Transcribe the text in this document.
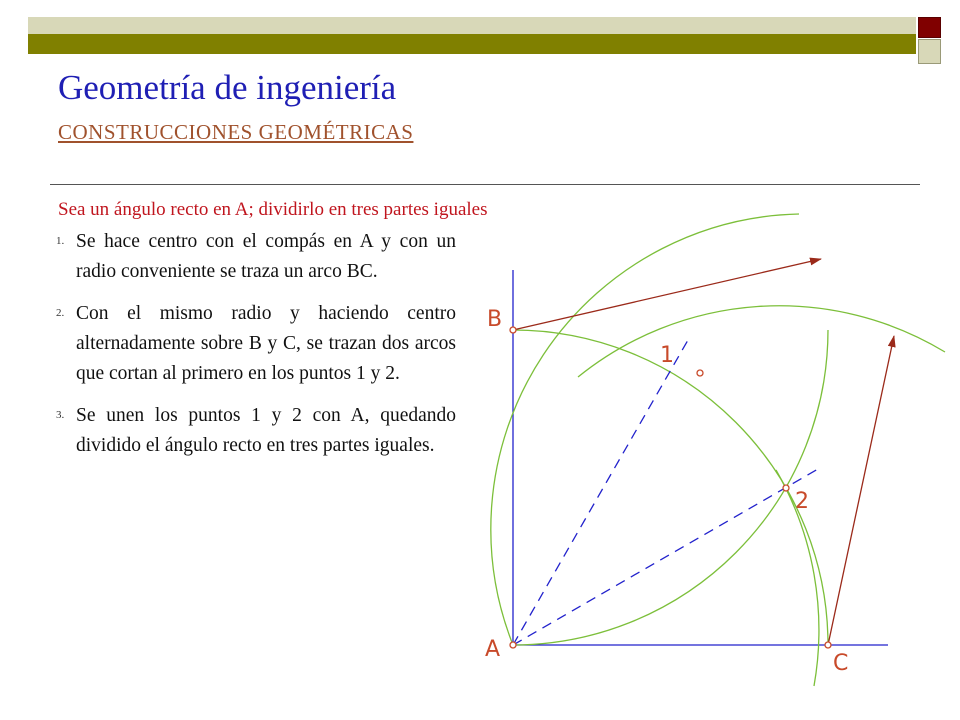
Geometría de ingeniería
CONSTRUCCIONES GEOMÉTRICAS
Sea un ángulo recto en A; dividirlo en tres partes iguales
1. Se hace centro con el compás en A y con un radio conveniente se traza un arco BC.
2. Con el mismo radio y haciendo centro alternadamente sobre B y C, se trazan dos arcos que cortan al primero en los puntos 1 y 2.
3. Se unen los puntos 1 y 2 con A, quedando dividido el ángulo recto en tres partes iguales.
A
B
C
1
2
